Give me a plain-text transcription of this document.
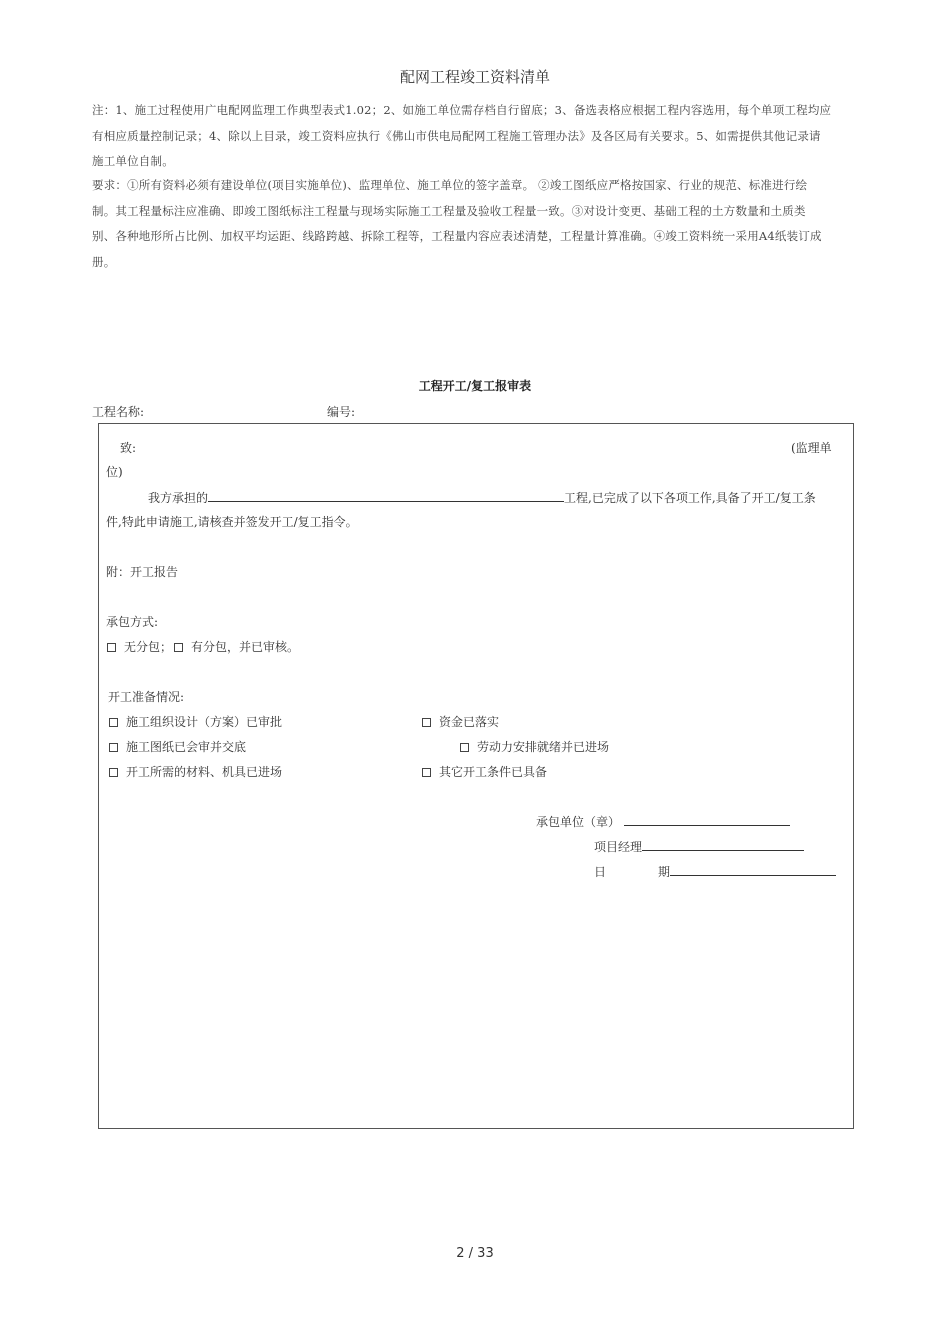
配网工程竣工资料清单
注：1、施工过程使用广电配网监理工作典型表式1.02；2、如施工单位需存档自行留底；3、备选表格应根据工程内容选用，每个单项工程均应
有相应质量控制记录；4、除以上目录，竣工资料应执行《佛山市供电局配网工程施工管理办法》及各区局有关要求。5、如需提供其他记录请
施工单位自制。
要求：①所有资料必须有建设单位(项目实施单位)、监理单位、施工单位的签字盖章。 ②竣工图纸应严格按国家、行业的规范、标准进行绘
制。其工程量标注应准确、即竣工图纸标注工程量与现场实际施工工程量及验收工程量一致。③对设计变更、基础工程的土方数量和土质类
别、各种地形所占比例、加权平均运距、线路跨越、拆除工程等，工程量内容应表述清楚，工程量计算准确。④竣工资料统一采用A4纸装订成
册。
工程开工/复工报审表
工程名称:	编号:
致:	(监理单
位)
我方承担的	工程,已完成了以下各项工作,具备了开工/复工条
件,特此申请施工,请核查并签发开工/复工指令。
附：开工报告
承包方式:
无分包； 有分包，并已审核。
开工准备情况:
施工组织设计（方案）已审批	资金已落实
施工图纸已会审并交底	劳动力安排就绪并已进场
开工所需的材料、机具已进场	其它开工条件已具备
承包单位（章）
项目经理
日	期
2 / 33
